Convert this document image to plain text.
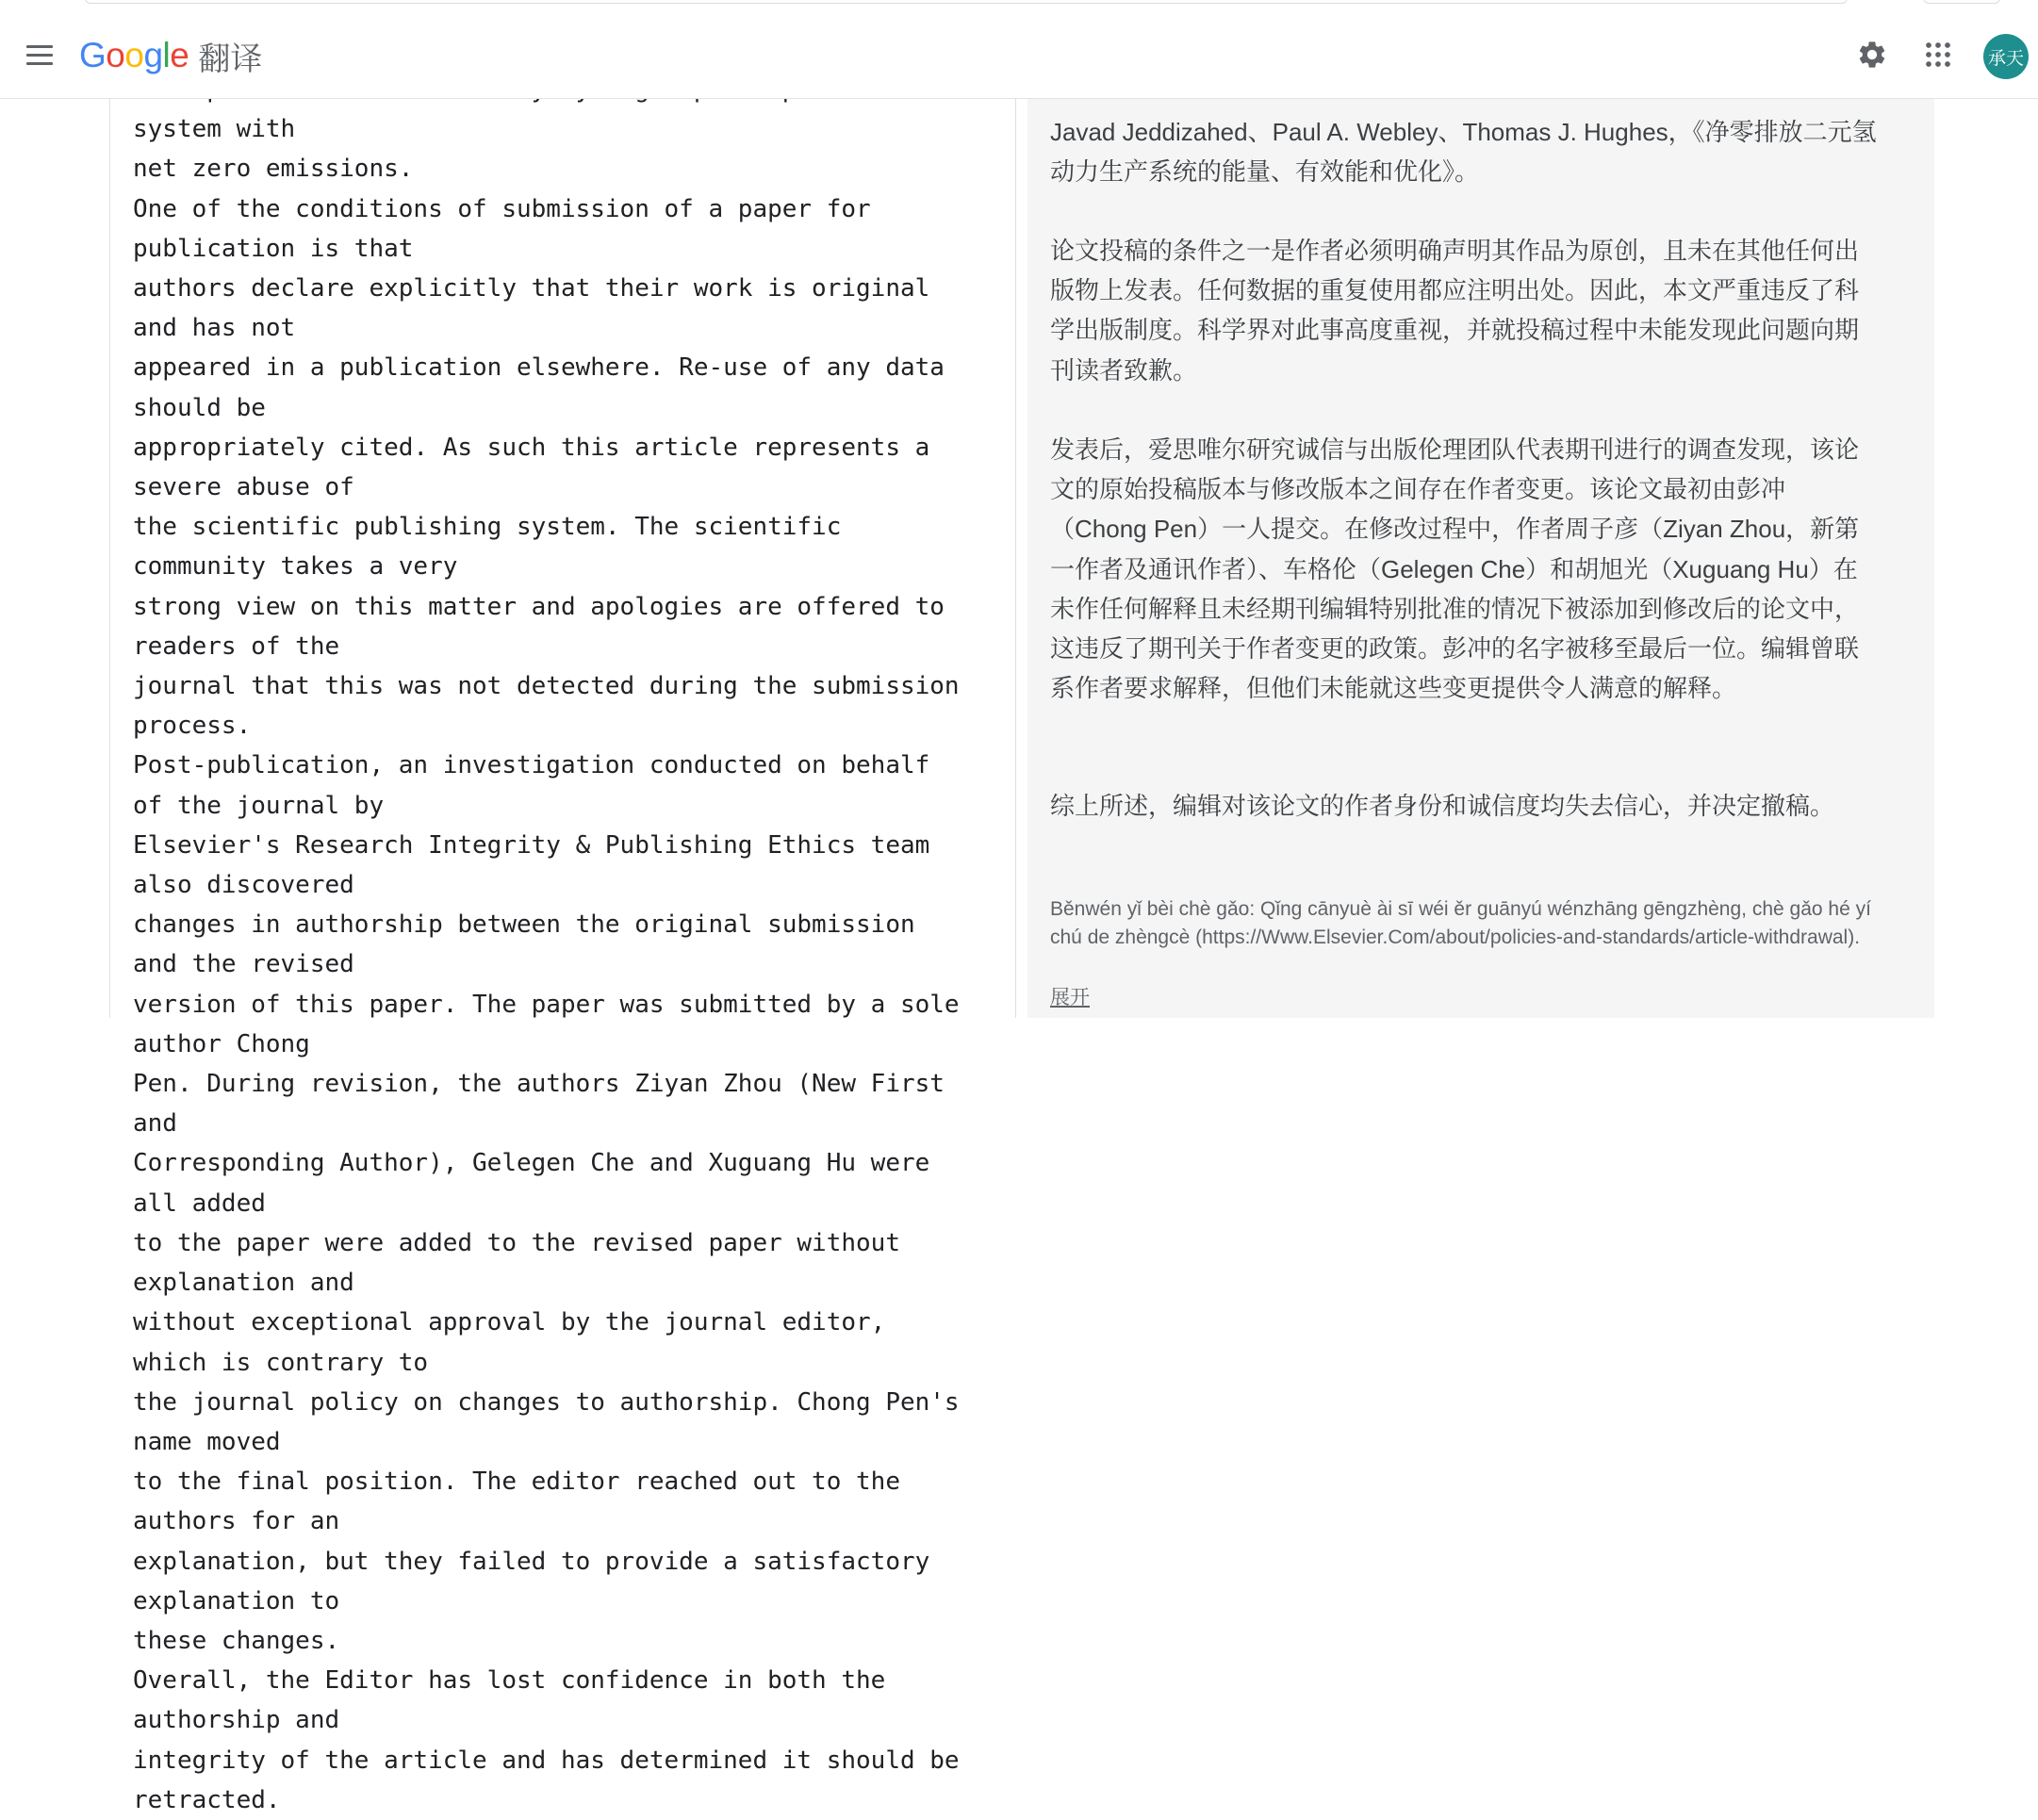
G o o g l e 翻译	承天
system with
net zero emissions.
One of the conditions of submission of a paper for publication is that
authors declare explicitly that their work is original and has not
appeared in a publication elsewhere. Re-use of any data should be
appropriately cited. As such this article represents a severe abuse of
the scientific publishing system. The scientific community takes a very
strong view on this matter and apologies are offered to readers of the
journal that this was not detected during the submission process.
Post-publication, an investigation conducted on behalf of the journal by
Elsevier's Research Integrity & Publishing Ethics team also discovered
changes in authorship between the original submission and the revised
version of this paper. The paper was submitted by a sole author Chong
Pen. During revision, the authors Ziyan Zhou (New First and
Corresponding Author), Gelegen Che and Xuguang Hu were all added
to the paper were added to the revised paper without explanation and
without exceptional approval by the journal editor, which is contrary to
the journal policy on changes to authorship. Chong Pen's name moved
to the final position. The editor reached out to the authors for an
explanation, but they failed to provide a satisfactory explanation to
these changes.
Overall, the Editor has lost confidence in both the authorship and
integrity of the article and has determined it should be retracted.

Javad Jeddizahed、Paul A. Webley、Thomas J. Hughes，《净零排放二元氢动力生产系统的能量、有效能和优化》。

论文投稿的条件之一是作者必须明确声明其作品为原创，且未在其他任何出版物上发表。任何数据的重复使用都应注明出处。因此，本文严重违反了科学出版制度。科学界对此事高度重视，并就投稿过程中未能发现此问题向期刊读者致歉。

发表后，爱思唯尔研究诚信与出版伦理团队代表期刊进行的调查发现，该论文的原始投稿版本与修改版本之间存在作者变更。该论文最初由彭冲（Chong Pen）一人提交。在修改过程中，作者周子彦（Ziyan Zhou，新第一作者及通讯作者）、车格伦（Gelegen Che）和胡旭光（Xuguang Hu）在未作任何解释且未经期刊编辑特别批准的情况下被添加到修改后的论文中，这违反了期刊关于作者变更的政策。彭冲的名字被移至最后一位。编辑曾联系作者要求解释，但他们未能就这些变更提供令人满意的解释。

综上所述，编辑对该论文的作者身份和诚信度均失去信心，并决定撤稿。

Běnwén yǐ bèi chè gǎo: Qǐng cānyuè ài sī wéi ěr guānyú wénzhāng gēngzhèng, chè gǎo hé yí chú de zhèngcè (https://Www.Elsevier.Com/about/policies-and-standards/article-withdrawal).

展开
